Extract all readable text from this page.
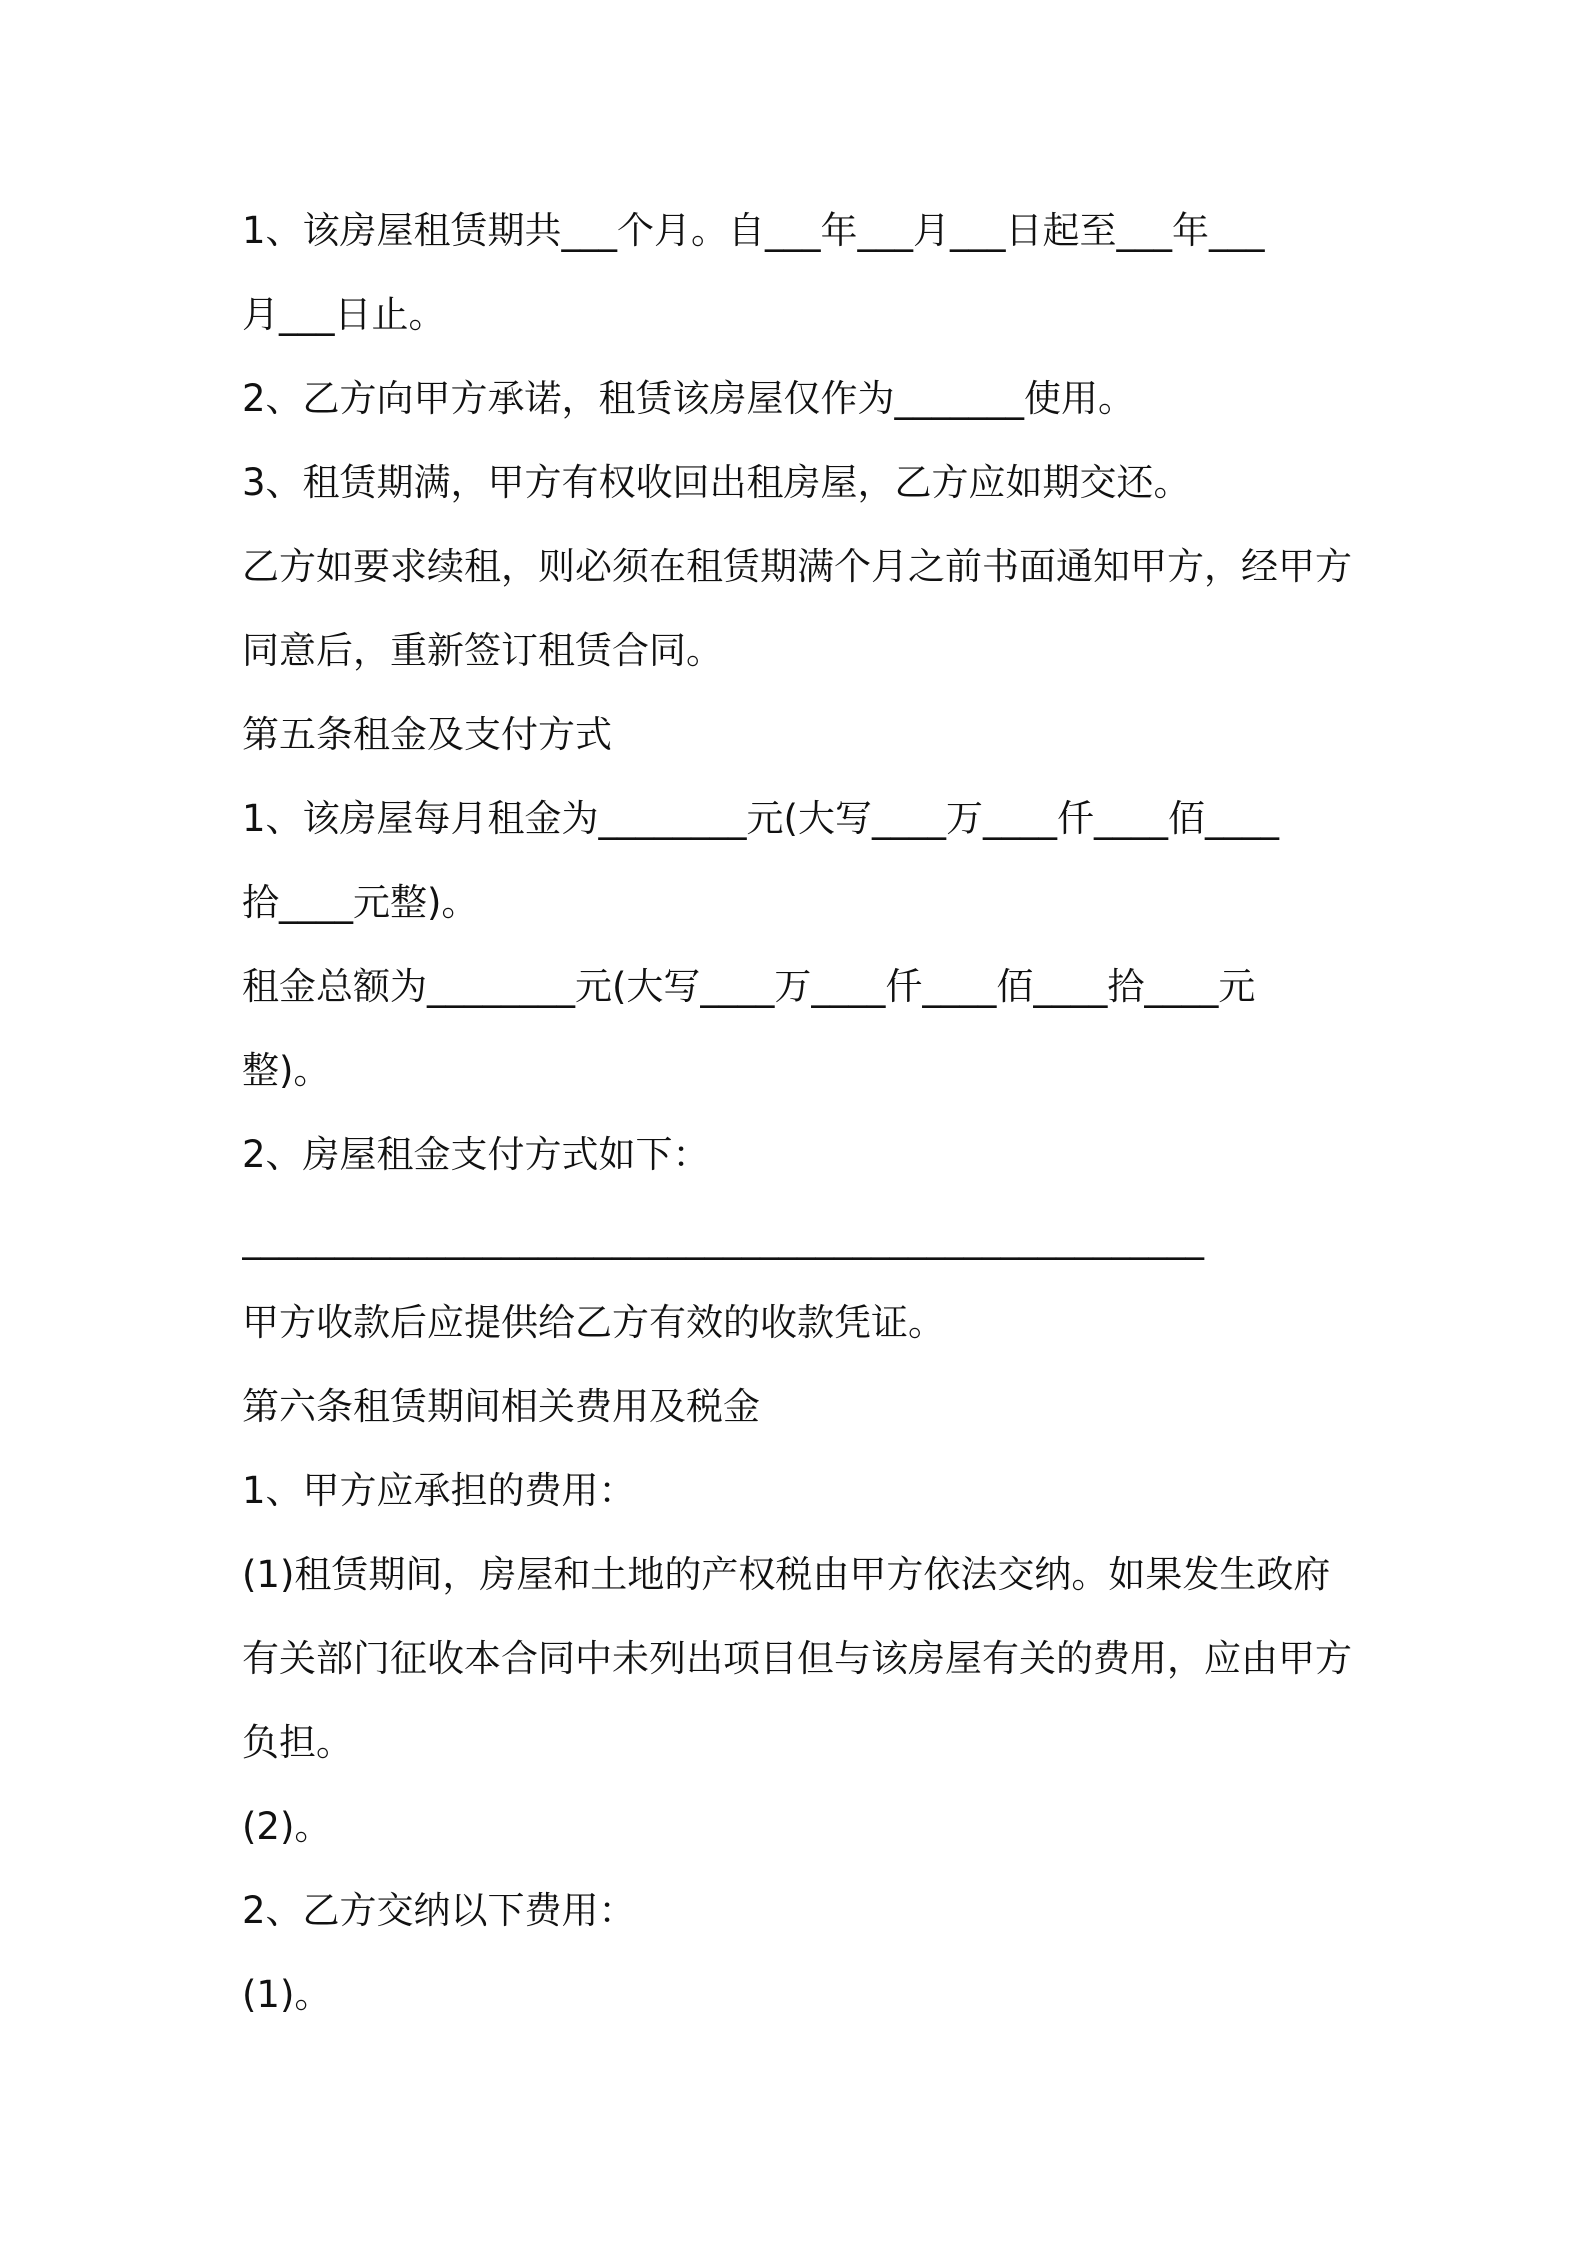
1、该房屋租赁期共___个月。自___年___月___日起至___年___
月___日止。
2、乙方向甲方承诺，租赁该房屋仅作为_______使用。
3、租赁期满，甲方有权收回出租房屋，乙方应如期交还。
乙方如要求续租，则必须在租赁期满个月之前书面通知甲方，经甲方
同意后，重新签订租赁合同。
第五条租金及支付方式
1、该房屋每月租金为________元(大写____万____仟____佰____
拾____元整)。
租金总额为________元(大写____万____仟____佰____拾____元
整)。
2、房屋租金支付方式如下：
____________________________________________________
甲方收款后应提供给乙方有效的收款凭证。
第六条租赁期间相关费用及税金
1、甲方应承担的费用：
(1)租赁期间，房屋和土地的产权税由甲方依法交纳。如果发生政府
有关部门征收本合同中未列出项目但与该房屋有关的费用，应由甲方
负担。
(2)。
2、乙方交纳以下费用：
(1)。
